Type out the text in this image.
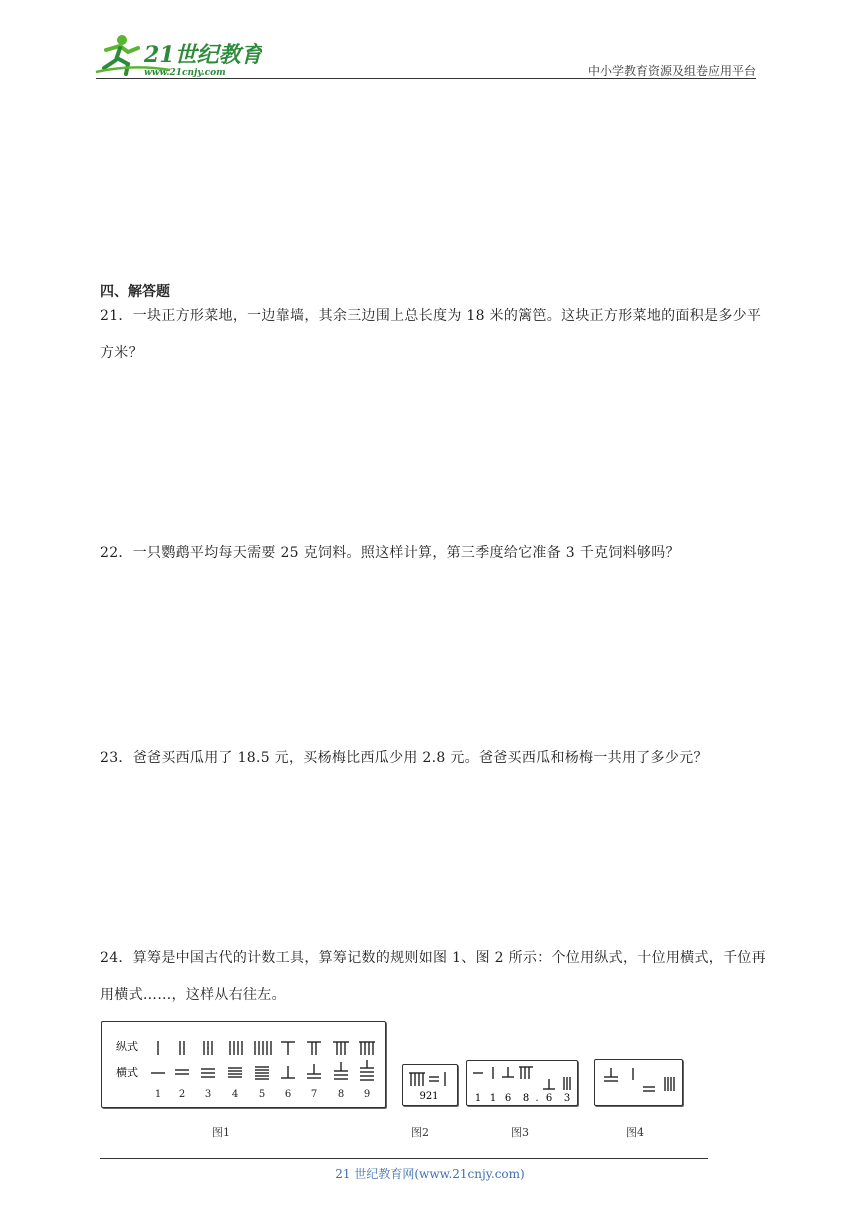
21世纪教育
www.21cnjy.com	中小学教育资源及组卷应用平台
四、解答题
21．一块正方形菜地，一边靠墙，其余三边围上总长度为 18 米的篱笆。这块正方形菜地的面积是多少平方米？
22．一只鹦鹉平均每天需要 25 克饲料。照这样计算，第三季度给它准备 3 千克饲料够吗？
23．爸爸买西瓜用了 18.5 元，买杨梅比西瓜少用 2.8 元。爸爸买西瓜和杨梅一共用了多少元？
24．算筹是中国古代的计数工具，算筹记数的规则如图 1、图 2 所示：个位用纵式，十位用横式，千位再用横式……，这样从右往左。
纵式
横式
1 2 3 4 5 6 7 8 9
图1
921
图2
1 1 6 8 . 6 3
图3	图4
21 世纪教育网(www.21cnjy.com)
